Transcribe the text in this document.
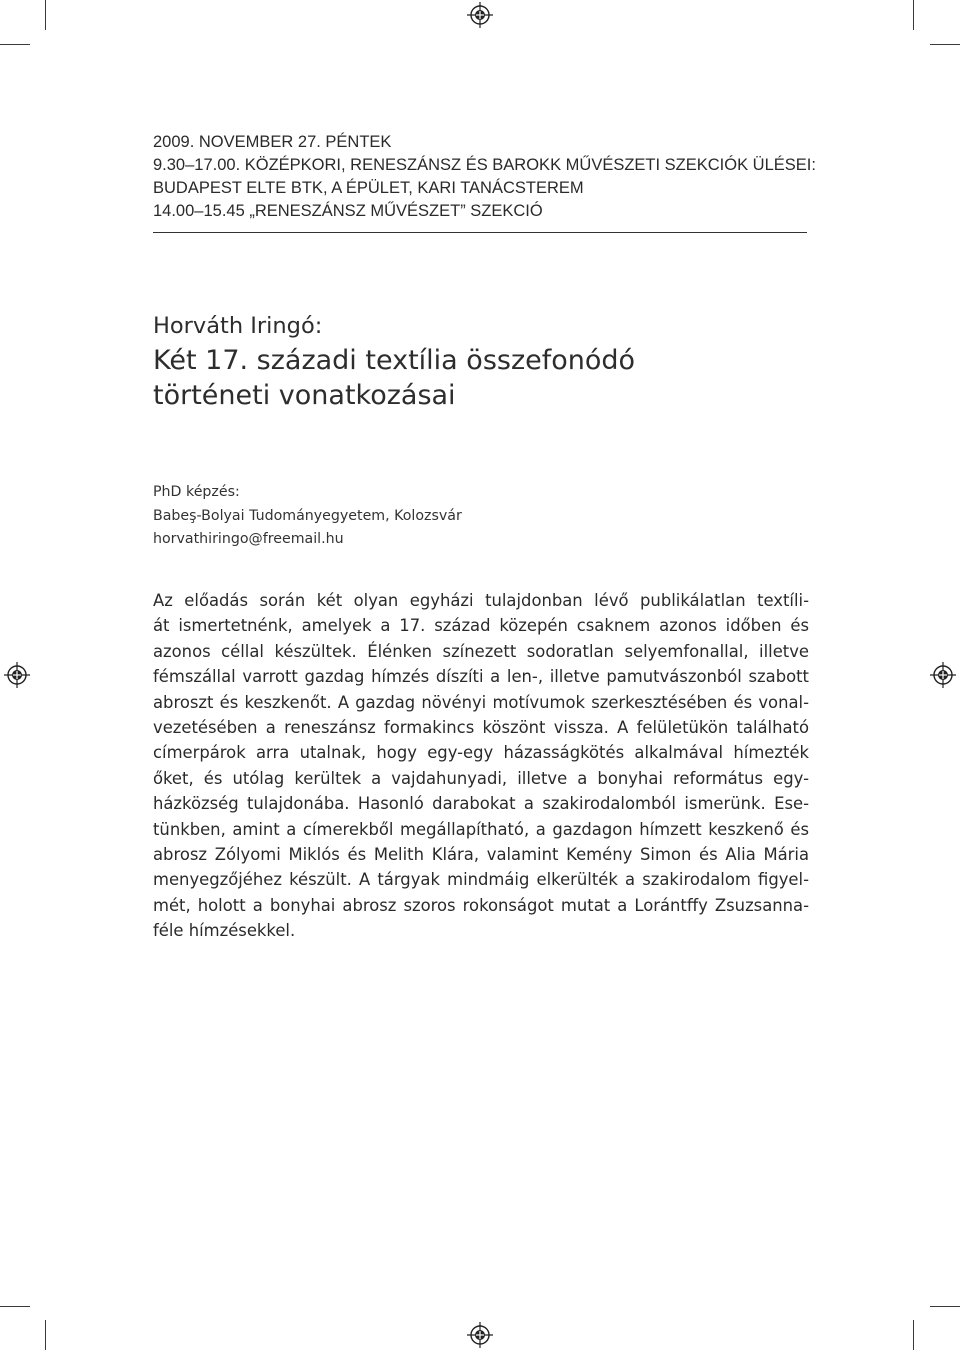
2009. NOVEMBER 27. PÉNTEK
9.30–17.00. KÖZÉPKORI, RENESZÁNSZ ÉS BAROKK MŰVÉSZETI SZEKCIÓK ÜLÉSEI:
BUDAPEST ELTE BTK, A ÉPÜLET, KARI TANÁCSTEREM
14.00–15.45 „RENESZÁNSZ MŰVÉSZET” SZEKCIÓ
Horváth Iringó:
Két 17. századi textília összefonódó
történeti vonatkozásai
PhD képzés:
Babeş-Bolyai Tudományegyetem, Kolozsvár
horvathiringo@freemail.hu
Az előadás során két olyan egyházi tulajdonban lévő publikálatlan textíli-
át ismertetnénk, amelyek a 17. század közepén csaknem azonos időben és
azonos céllal készültek. Élénken színezett sodoratlan selyemfonallal, illetve
fémszállal varrott gazdag hímzés díszíti a len-, illetve pamutvászonból szabott
abroszt és keszkenőt. A gazdag növényi motívumok szerkesztésében és vonal-
vezetésében a reneszánsz formakincs köszönt vissza. A felületükön található
címerpárok arra utalnak, hogy egy-egy házasságkötés alkalmával hímezték
őket, és utólag kerültek a vajdahunyadi, illetve a bonyhai református egy-
házközség tulajdonába. Hasonló darabokat a szakirodalomból ismerünk. Ese-
tünkben, amint a címerekből megállapítható, a gazdagon hímzett keszkenő és
abrosz Zólyomi Miklós és Melith Klára, valamint Kemény Simon és Alia Mária
menyegzőjéhez készült. A tárgyak mindmáig elkerülték a szakirodalom figyel-
mét, holott a bonyhai abrosz szoros rokonságot mutat a Lorántffy Zsuzsanna-
féle hímzésekkel.
